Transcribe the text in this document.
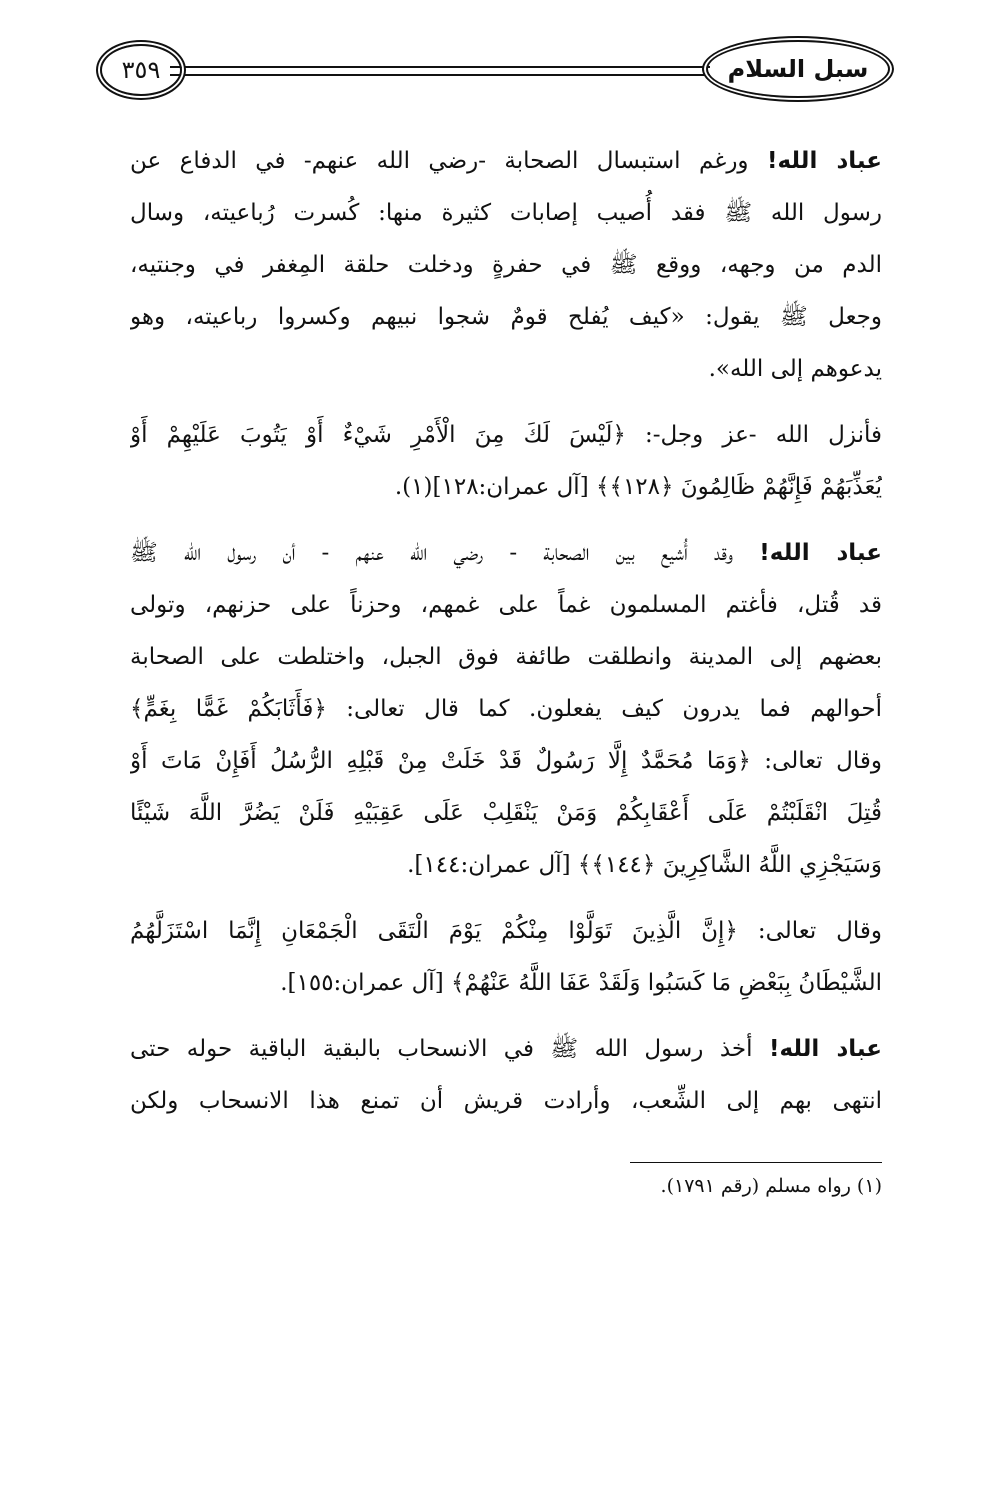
٣٥٩	سبل السلام
عباد الله! ورغم استبسال الصحابة -رضي الله عنهم- في الدفاع عن
رسول الله ﷺ فقد أُصيب إصابات كثيرة منها: كُسرت رُباعيته، وسال
الدم من وجهه، ووقع ﷺ في حفرةٍ ودخلت حلقة المِغفر في وجنتيه،
وجعل ﷺ يقول: «كيف يُفلح قومٌ شجوا نبيهم وكسروا رباعيته، وهو
يدعوهم إلى الله».
فأنزل الله -عز وجل-: ﴿لَيْسَ لَكَ مِنَ الْأَمْرِ شَيْءٌ أَوْ يَتُوبَ عَلَيْهِمْ أَوْ
يُعَذِّبَهُمْ فَإِنَّهُمْ ظَالِمُونَ ﴿١٢٨﴾﴾ [آل عمران:١٢٨](١).
عباد الله! وقد أُشيع بين الصحابة - رضي الله عنهم - أن رسول الله ﷺ
قد قُتل، فأغتم المسلمون غماً على غمهم، وحزناً على حزنهم، وتولى
بعضهم إلى المدينة وانطلقت طائفة فوق الجبل، واختلطت على الصحابة
أحوالهم فما يدرون كيف يفعلون. كما قال تعالى: ﴿فَأَثَابَكُمْ غَمًّا بِغَمٍّ﴾
وقال تعالى: ﴿وَمَا مُحَمَّدٌ إِلَّا رَسُولٌ قَدْ خَلَتْ مِنْ قَبْلِهِ الرُّسُلُ أَفَإِنْ مَاتَ أَوْ
قُتِلَ انْقَلَبْتُمْ عَلَى أَعْقَابِكُمْ وَمَنْ يَنْقَلِبْ عَلَى عَقِبَيْهِ فَلَنْ يَضُرَّ اللَّهَ شَيْئًا
وَسَيَجْزِي اللَّهُ الشَّاكِرِينَ ﴿١٤٤﴾﴾ [آل عمران:١٤٤].
وقال تعالى: ﴿إِنَّ الَّذِينَ تَوَلَّوْا مِنْكُمْ يَوْمَ الْتَقَى الْجَمْعَانِ إِنَّمَا اسْتَزَلَّهُمُ
الشَّيْطَانُ بِبَعْضِ مَا كَسَبُوا وَلَقَدْ عَفَا اللَّهُ عَنْهُمْ﴾ [آل عمران:١٥٥].
عباد الله! أخذ رسول الله ﷺ في الانسحاب بالبقية الباقية حوله حتى
انتهى بهم إلى الشِّعب، وأرادت قريش أن تمنع هذا الانسحاب ولكن
(١) رواه مسلم (رقم ١٧٩١).
